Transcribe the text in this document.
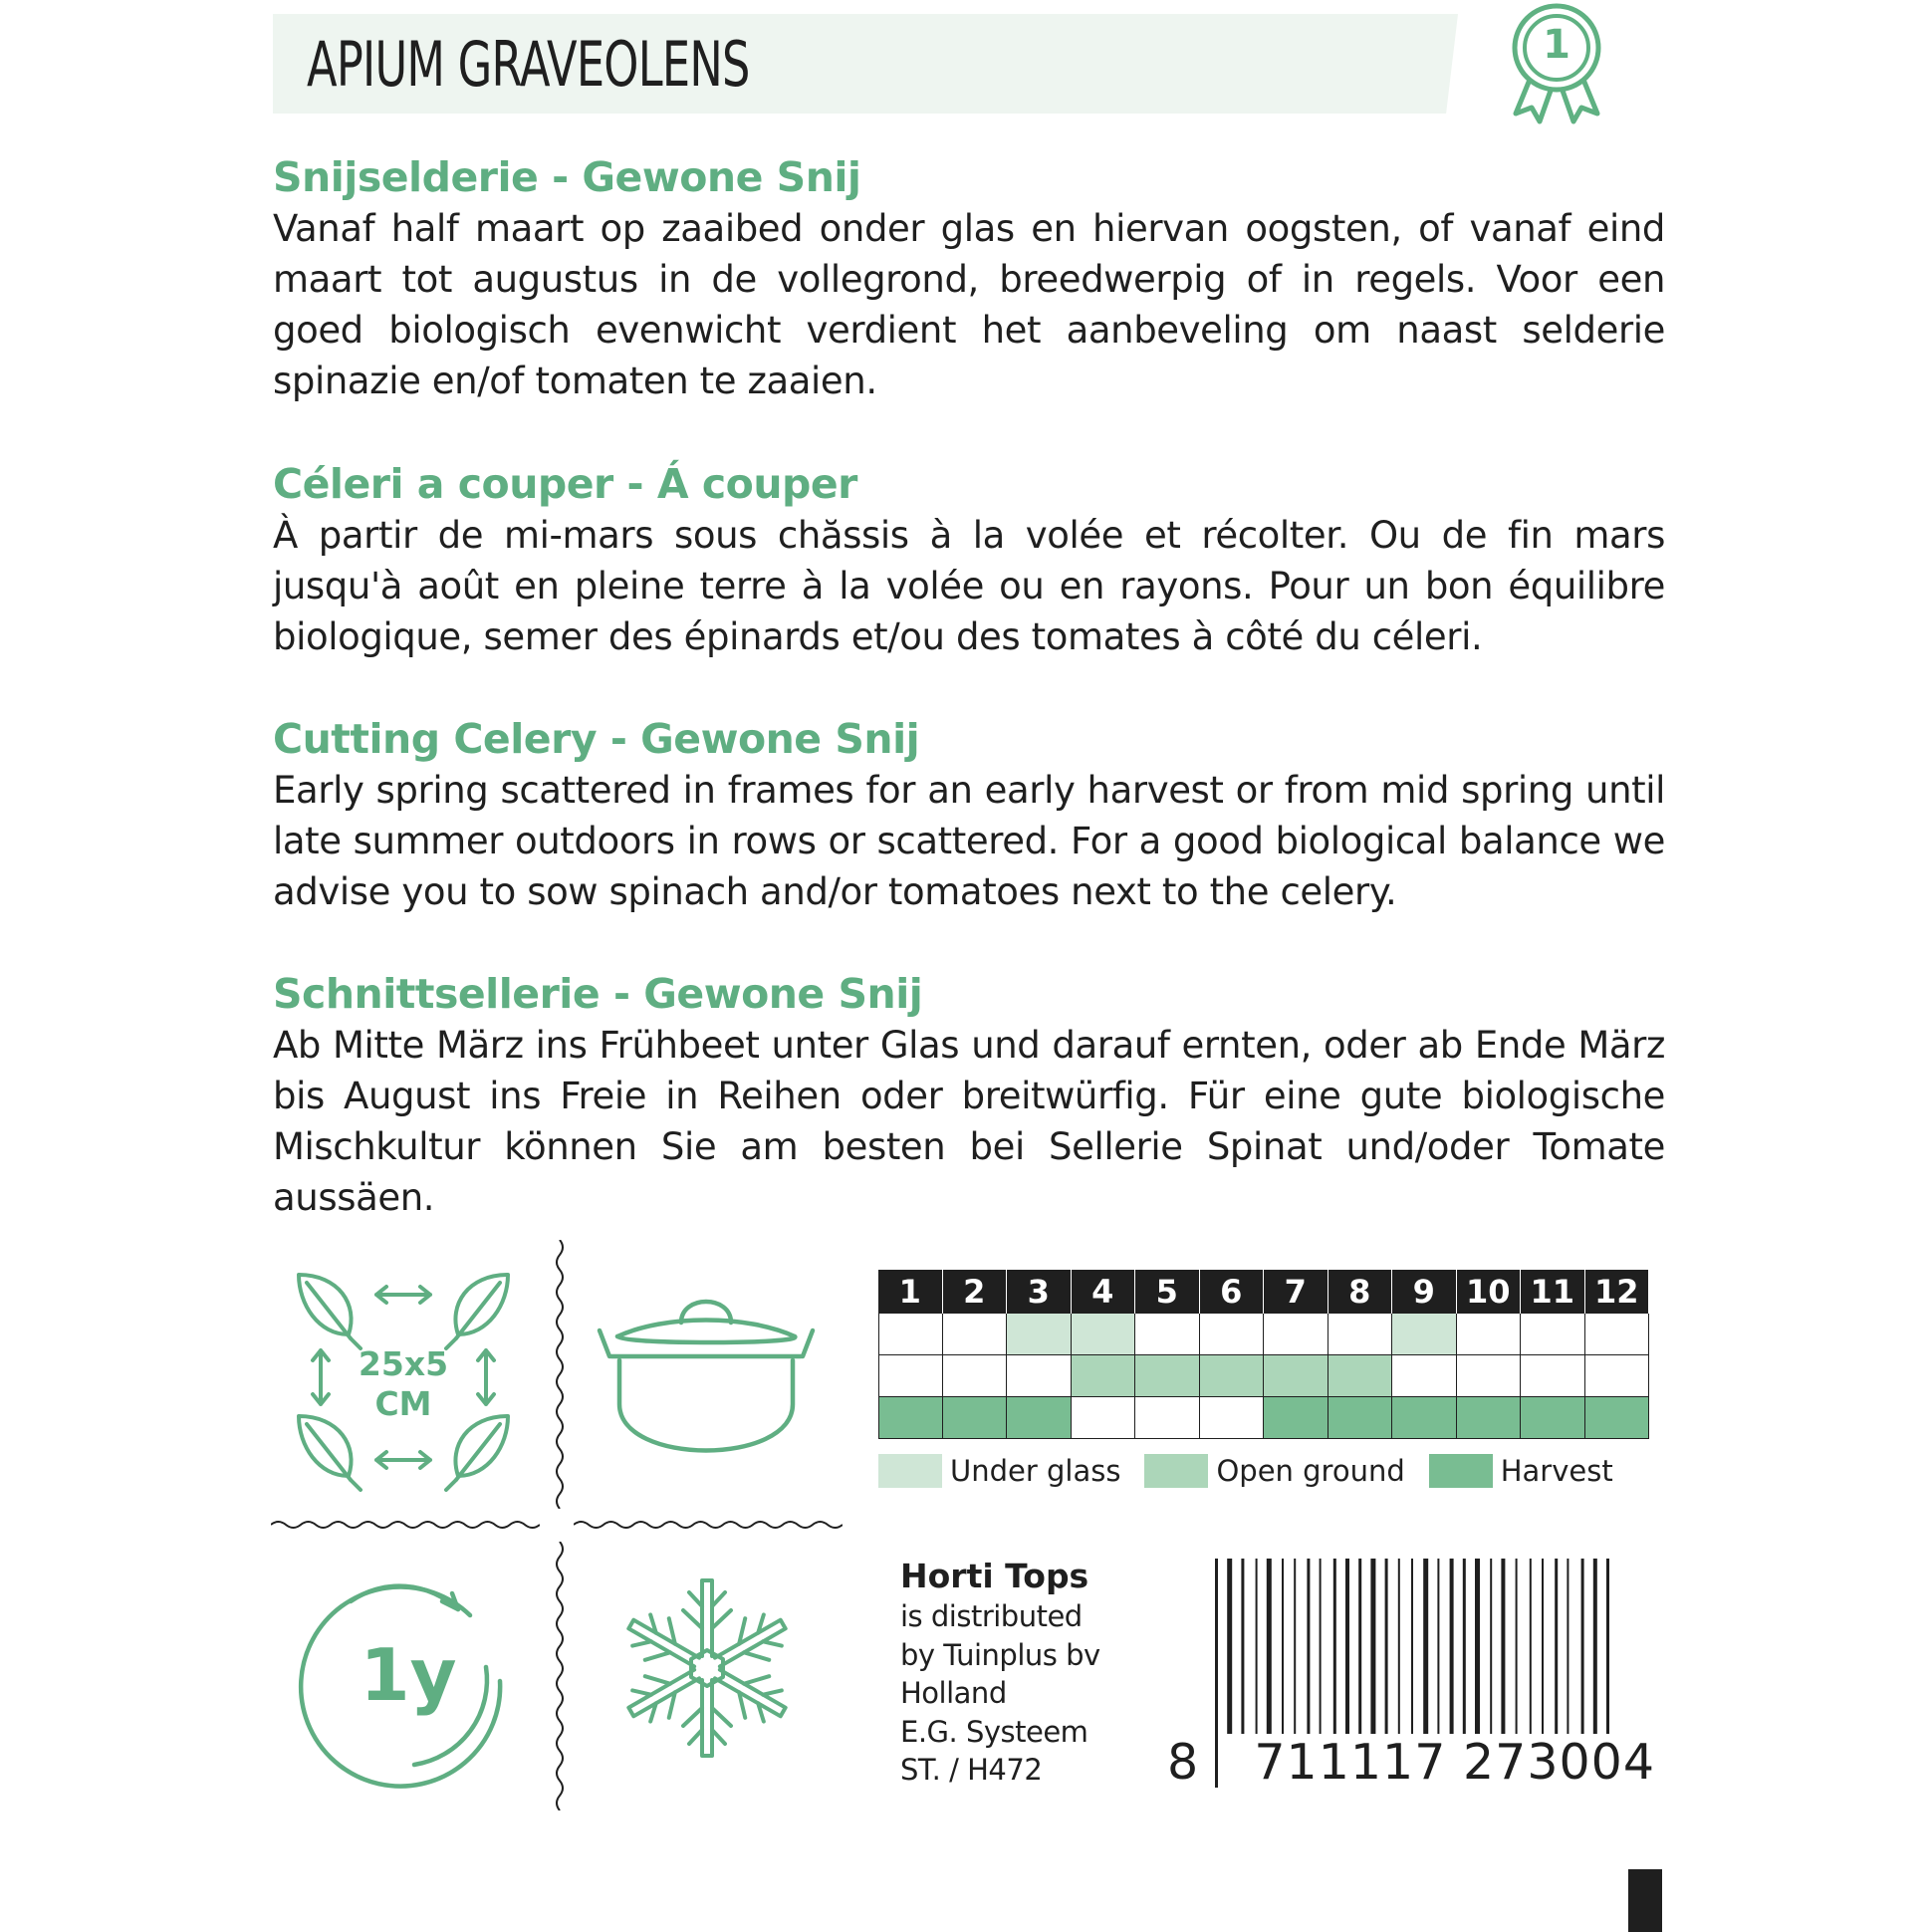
APIUM GRAVEOLENS	1
Snijselderie - Gewone Snij

Vanaf half maart op zaaibed onder glas en hiervan oogsten, of vanaf eind maart tot augustus in de vollegrond, breedwerpig of in regels. Voor een goed biologisch evenwicht verdient het aanbeveling om naast selderie spinazie en/of tomaten te zaaien.

Céleri a couper - Á couper

À partir de mi-mars sous chăssis à la volée et récolter. Ou de fin mars jusqu'à août en pleine terre à la volée ou en rayons. Pour un bon équilibre biologique, semer des épinards et/ou des tomates à côté du céleri.

Cutting Celery - Gewone Snij

Early spring scattered in frames for an early harvest or from mid spring until late summer outdoors in rows or scattered. For a good biological balance we advise you to sow spinach and/or tomatoes next to the celery.

Schnittsellerie - Gewone Snij

Ab Mitte März ins Frühbeet unter Glas und darauf ernten, oder ab Ende März bis August ins Freie in Reihen oder breitwürfig. Für eine gute biologische Mischkultur können Sie am besten bei Sellerie Spinat und/oder Tomate aussäen.

25x5
CM
1y
1	2	3	4	5	6	7	8	9 10 11 12
Under glass	Open ground	Harvest
Horti Tops
is distributed
by Tuinplus bv
Holland
E.G. Systeem
ST. / H472	8 711117 273004
